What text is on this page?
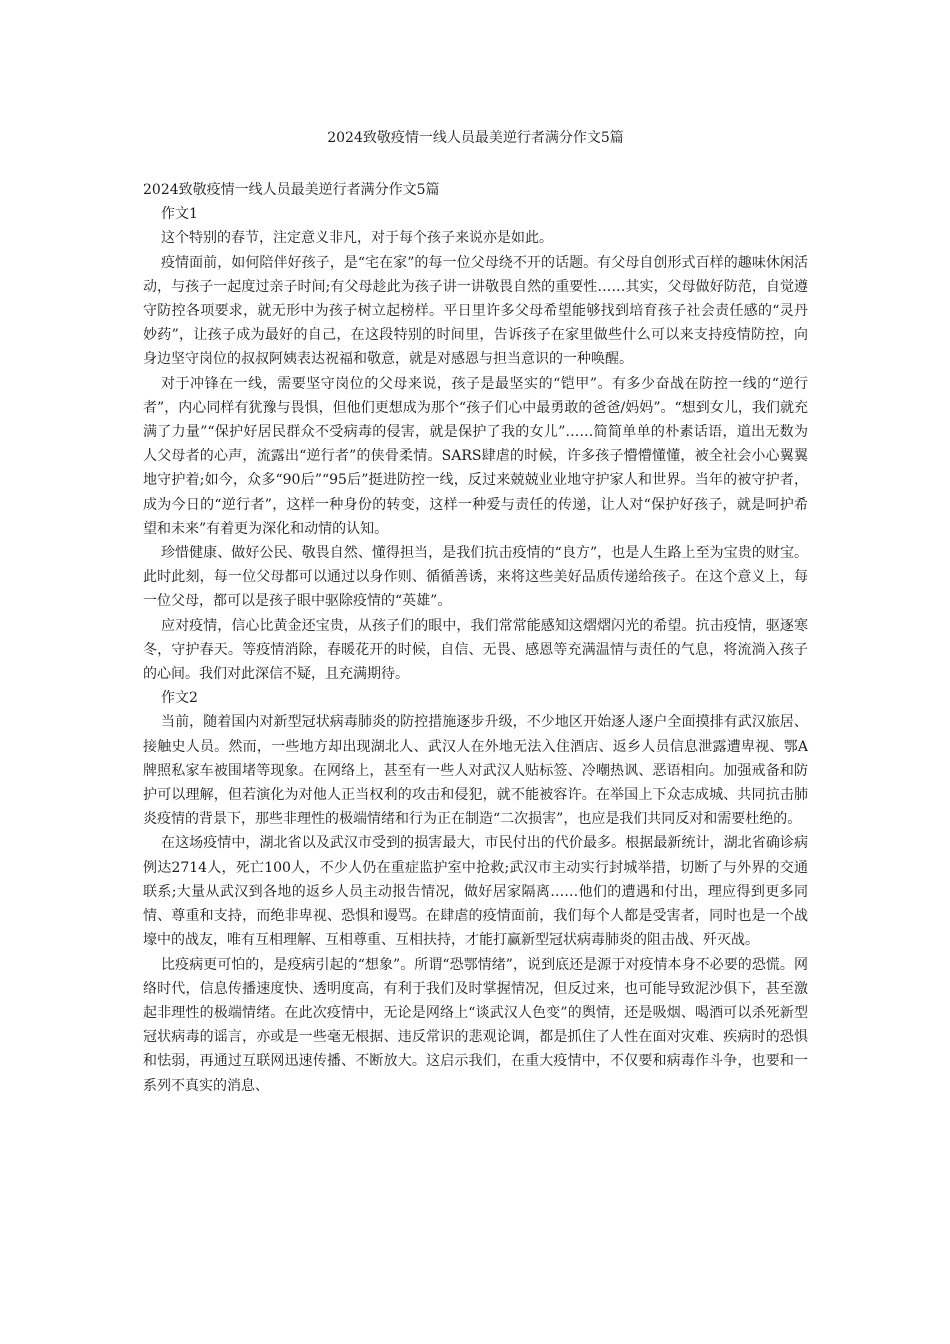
2024致敬疫情一线人员最美逆行者满分作文5篇

2024致敬疫情一线人员最美逆行者满分作文5篇

作文1

这个特别的春节，注定意义非凡，对于每个孩子来说亦是如此。

疫情面前，如何陪伴好孩子，是“宅在家”的每一位父母绕不开的话题。有父母自创形式百样的趣味休闲活动，与孩子一起度过亲子时间;有父母趁此为孩子讲一讲敬畏自然的重要性……其实，父母做好防范，自觉遵守防控各项要求，就无形中为孩子树立起榜样。平日里许多父母希望能够找到培育孩子社会责任感的“灵丹妙药”，让孩子成为最好的自己，在这段特别的时间里，告诉孩子在家里做些什么可以来支持疫情防控，向身边坚守岗位的叔叔阿姨表达祝福和敬意，就是对感恩与担当意识的一种唤醒。

对于冲锋在一线，需要坚守岗位的父母来说，孩子是最坚实的“铠甲”。有多少奋战在防控一线的“逆行者”，内心同样有犹豫与畏惧，但他们更想成为那个“孩子们心中最勇敢的爸爸/妈妈”。“想到女儿，我们就充满了力量”“保护好居民群众不受病毒的侵害，就是保护了我的女儿”……简简单单的朴素话语，道出无数为人父母者的心声，流露出“逆行者”的侠骨柔情。SARS肆虐的时候，许多孩子懵懵懂懂，被全社会小心翼翼地守护着;如今，众多“90后”“95后”挺进防控一线，反过来兢兢业业地守护家人和世界。当年的被守护者，成为今日的“逆行者”，这样一种身份的转变，这样一种爱与责任的传递，让人对“保护好孩子，就是呵护希望和未来”有着更为深化和动情的认知。

珍惜健康、做好公民、敬畏自然、懂得担当，是我们抗击疫情的“良方”，也是人生路上至为宝贵的财宝。此时此刻，每一位父母都可以通过以身作则、循循善诱，来将这些美好品质传递给孩子。在这个意义上，每一位父母，都可以是孩子眼中驱除疫情的“英雄”。

应对疫情，信心比黄金还宝贵，从孩子们的眼中，我们常常能感知这熠熠闪光的希望。抗击疫情，驱逐寒冬，守护春天。等疫情消除，春暖花开的时候，自信、无畏、感恩等充满温情与责任的气息，将流淌入孩子的心间。我们对此深信不疑，且充满期待。

作文2

当前，随着国内对新型冠状病毒肺炎的防控措施逐步升级，不少地区开始逐人逐户全面摸排有武汉旅居、接触史人员。然而，一些地方却出现湖北人、武汉人在外地无法入住酒店、返乡人员信息泄露遭卑视、鄂A牌照私家车被围堵等现象。在网络上，甚至有一些人对武汉人贴标签、冷嘲热讽、恶语相向。加强戒备和防护可以理解，但若演化为对他人正当权利的攻击和侵犯，就不能被容许。在举国上下众志成城、共同抗击肺炎疫情的背景下，那些非理性的极端情绪和行为正在制造“二次损害”，也应是我们共同反对和需要杜绝的。

在这场疫情中，湖北省以及武汉市受到的损害最大，市民付出的代价最多。根据最新统计，湖北省确诊病例达2714人，死亡100人，不少人仍在重症监护室中抢救;武汉市主动实行封城举措，切断了与外界的交通联系;大量从武汉到各地的返乡人员主动报告情况，做好居家隔离……他们的遭遇和付出，理应得到更多同情、尊重和支持，而绝非卑视、恐惧和谩骂。在肆虐的疫情面前，我们每个人都是受害者，同时也是一个战壕中的战友，唯有互相理解、互相尊重、互相扶持，才能打赢新型冠状病毒肺炎的阻击战、歼灭战。

比疫病更可怕的，是疫病引起的“想象”。所谓“恐鄂情绪”，说到底还是源于对疫情本身不必要的恐慌。网络时代，信息传播速度快、透明度高，有利于我们及时掌握情况，但反过来，也可能导致泥沙俱下，甚至激起非理性的极端情绪。在此次疫情中，无论是网络上“谈武汉人色变”的舆情，还是吸烟、喝酒可以杀死新型冠状病毒的谣言，亦或是一些毫无根据、违反常识的悲观论调，都是抓住了人性在面对灾难、疾病时的恐惧和怯弱，再通过互联网迅速传播、不断放大。这启示我们，在重大疫情中，不仅要和病毒作斗争，也要和一系列不真实的消息、
